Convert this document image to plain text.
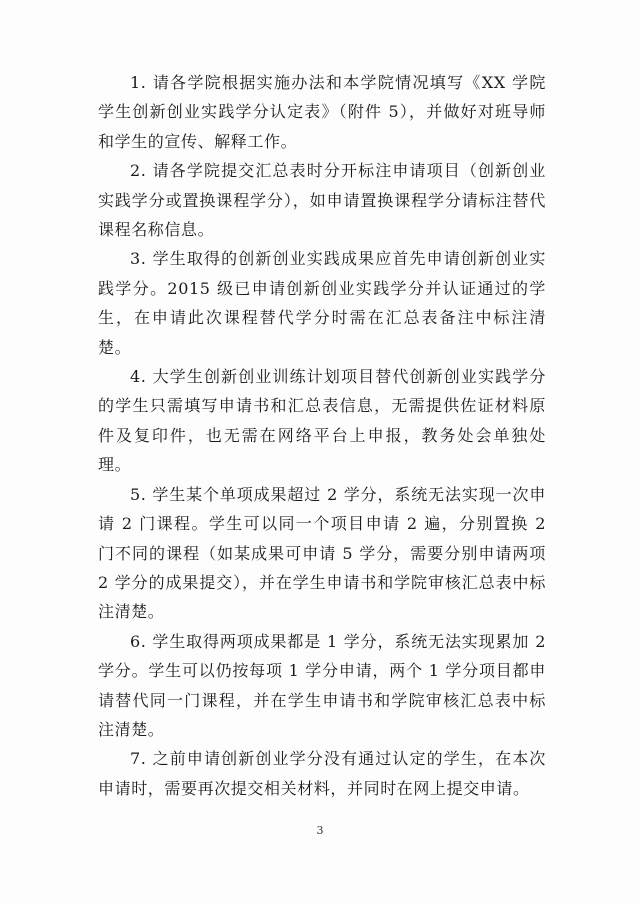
1. 请各学院根据实施办法和本学院情况填写《XX 学院学生创新创业实践学分认定表》（附件 5），并做好对班导师和学生的宣传、解释工作。

2. 请各学院提交汇总表时分开标注申请项目（创新创业实践学分或置换课程学分），如申请置换课程学分请标注替代课程名称信息。

3. 学生取得的创新创业实践成果应首先申请创新创业实践学分。2015 级已申请创新创业实践学分并认证通过的学生，在申请此次课程替代学分时需在汇总表备注中标注清楚。

4. 大学生创新创业训练计划项目替代创新创业实践学分的学生只需填写申请书和汇总表信息，无需提供佐证材料原件及复印件，也无需在网络平台上申报，教务处会单独处理。

5. 学生某个单项成果超过 2 学分，系统无法实现一次申请 2 门课程。学生可以同一个项目申请 2 遍，分别置换 2 门不同的课程（如某成果可申请 5 学分，需要分别申请两项 2 学分的成果提交），并在学生申请书和学院审核汇总表中标注清楚。

6. 学生取得两项成果都是 1 学分，系统无法实现累加 2 学分。学生可以仍按每项 1 学分申请，两个 1 学分项目都申请替代同一门课程，并在学生申请书和学院审核汇总表中标注清楚。

7. 之前申请创新创业学分没有通过认定的学生，在本次申请时，需要再次提交相关材料，并同时在网上提交申请。

3
